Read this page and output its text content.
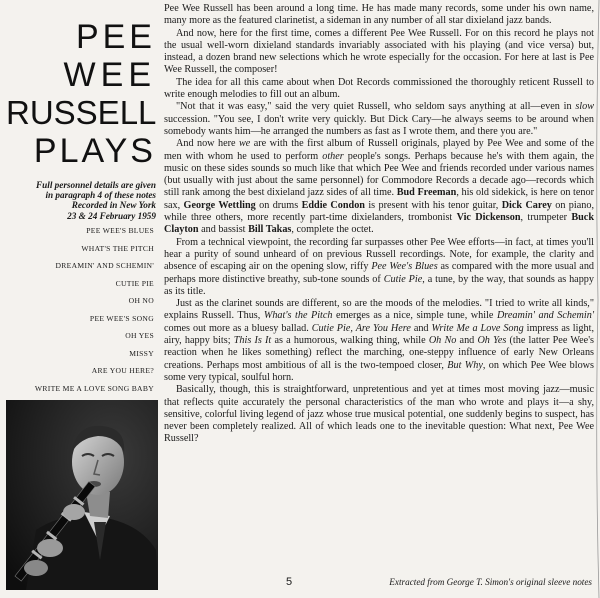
PEE
WEE
RUSSELL
PLAYS
Full personnel details are given
in paragraph 4 of these notes
Recorded in New York
23 & 24 February 1959
PEE WEE'S BLUES
WHAT'S THE PITCH
DREAMIN' AND SCHEMIN'
CUTIE PIE
OH NO
PEE WEE'S SONG
OH YES
MISSY
ARE YOU HERE?
WRITE ME A LOVE SONG BABY

Pee Wee Russell has been around a long time. He has made many records, some under his own name, many more as the featured clarinetist, a sideman in any number of all star dixieland jazz bands.

And now, here for the first time, comes a different Pee Wee Russell. For on this record he plays not the usual well-worn dixieland standards invariably associated with his playing (and vice versa) but, instead, a dozen brand new selections which he wrote especially for the occasion. For here at last is Pee Wee Russell, the composer!

The idea for all this came about when Dot Records commissioned the thoroughly reticent Russell to write enough melodies to fill out an album.

"Not that it was easy," said the very quiet Russell, who seldom says anything at all—even in slow succession. "You see, I don't write very quickly. But Dick Cary—he always seems to be around when somebody wants him—he arranged the numbers as fast as I wrote them, and there you are."

And now here we are with the first album of Russell originals, played by Pee Wee and some of the men with whom he used to perform other people's songs. Perhaps because he's with them again, the music on these sides sounds so much like that which Pee Wee and friends recorded under various names (but usually with just about the same personnel) for Commodore Records a decade ago—records which still rank among the best dixieland jazz sides of all time. Bud Freeman, his old sidekick, is here on tenor sax, George Wettling on drums Eddie Condon is present with his tenor guitar, Dick Carey on piano, while three others, more recently part-time dixielanders, trombonist Vic Dickenson, trumpeter Buck Clayton and bassist Bill Takas, complete the octet.

From a technical viewpoint, the recording far surpasses other Pee Wee efforts—in fact, at times you'll hear a purity of sound unheard of on previous Russell recordings. Note, for example, the clarity and absence of escaping air on the opening slow, riffy Pee Wee's Blues as compared with the more usual and perhaps more distinctive breathy, sub-tone sounds of Cutie Pie, a tune, by the way, that sounds as happy as its title.

Just as the clarinet sounds are different, so are the moods of the melodies. "I tried to write all kinds," explains Russell. Thus, What's the Pitch emerges as a nice, simple tune, while Dreamin' and Schemin' comes out more as a bluesy ballad. Cutie Pie, Are You Here and Write Me a Love Song impress as light, airy, happy bits; This Is It as a humorous, walking thing, while Oh No and Oh Yes (the latter Pee Wee's reaction when he likes something) reflect the marching, one-steppy influence of early New Orleans creations. Perhaps most ambitious of all is the two-tempoed closer, But Why, on which Pee Wee blows some very typical, soulful horn.

Basically, though, this is straightforward, unpretentious and yet at times most moving jazz—music that reflects quite accurately the personal characteristics of the man who wrote and plays it—a shy, sensitive, colorful living legend of jazz whose true musical potential, one suddenly begins to suspect, has never been completely realized. All of which leads one to the inevitable question: What next, Pee Wee Russell?

5	Extracted from George T. Simon's original sleeve notes
